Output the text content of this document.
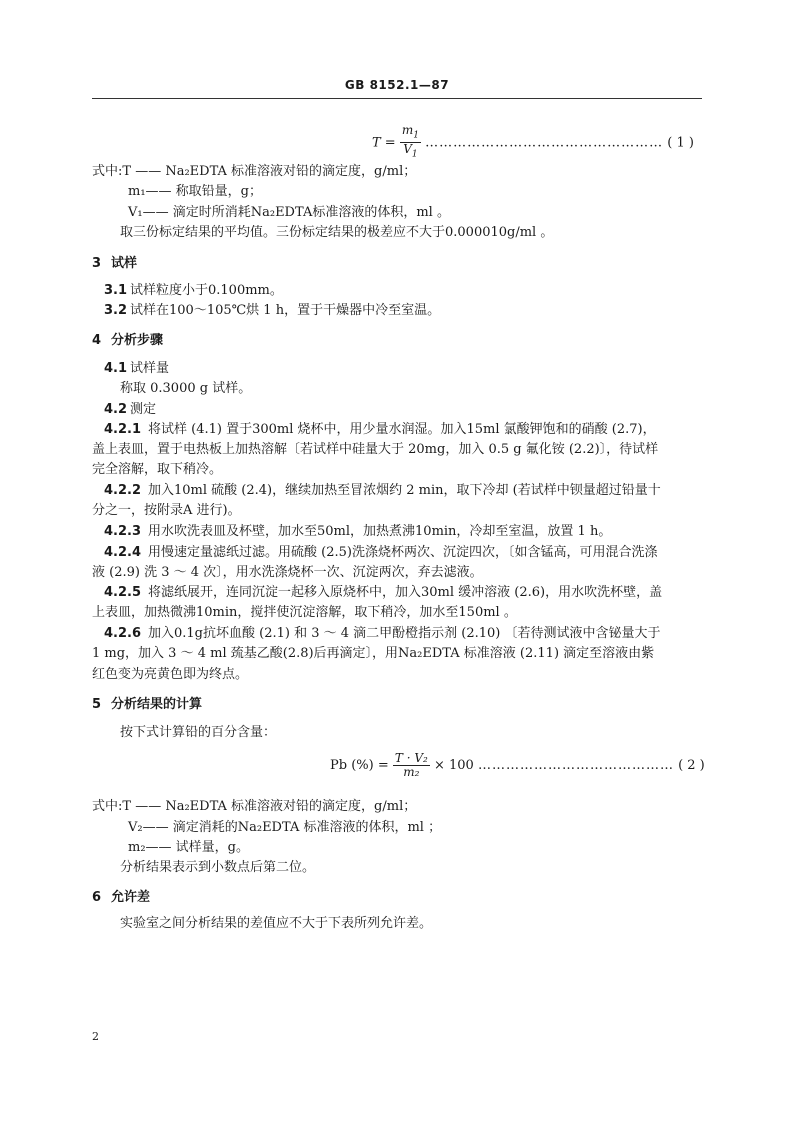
GB 8152.1—87
$T = \frac{m_1}{V_1}$ …………………………………………… ( 1 )
式中:T —— Na₂EDTA 标准溶液对铅的滴定度，g/ml；
m₁—— 称取铅量，g；
V₁—— 滴定时所消耗Na₂EDTA标准溶液的体积，ml 。
取三份标定结果的平均值。三份标定结果的极差应不大于0.000010g/ml 。
3 试样
3.1 试样粒度小于0.100mm。
3.2 试样在100～105℃烘 1 h，置于干燥器中冷至室温。
4 分析步骤
4.1 试样量
称取 0.3000 g 试样。
4.2 测定
4.2.1 将试样 (4.1) 置于300ml 烧杯中，用少量水润湿。加入15ml 氯酸钾饱和的硝酸 (2.7)，
盖上表皿，置于电热板上加热溶解〔若试样中硅量大于 20mg，加入 0.5 g 氟化铵 (2.2)〕，待试样
完全溶解，取下稍冷。
4.2.2 加入10ml 硫酸 (2.4)，继续加热至冒浓烟约 2 min，取下冷却 (若试样中钡量超过铅量十
分之一，按附录A 进行)。
4.2.3 用水吹洗表皿及杯壁，加水至50ml，加热煮沸10min，冷却至室温，放置 1 h。
4.2.4 用慢速定量滤纸过滤。用硫酸 (2.5)洗涤烧杯两次、沉淀四次，〔如含锰高，可用混合洗涤
液 (2.9) 洗 3 ～ 4 次〕，用水洗涤烧杯一次、沉淀两次，弃去滤液。
4.2.5 将滤纸展开，连同沉淀一起移入原烧杯中，加入30ml 缓冲溶液 (2.6)，用水吹洗杯壁，盖
上表皿，加热微沸10min，搅拌使沉淀溶解，取下稍冷，加水至150ml 。
4.2.6 加入0.1g抗坏血酸 (2.1) 和 3 ～ 4 滴二甲酚橙指示剂 (2.10) 〔若待测试液中含铋量大于
1 mg，加入 3 ～ 4 ml 巯基乙酸(2.8)后再滴定〕，用Na₂EDTA 标准溶液 (2.11) 滴定至溶液由紫
红色变为亮黄色即为终点。
5 分析结果的计算
按下式计算铅的百分含量：
Pb (%) = $\frac{\text{T · V₂}}{\text{m₂}} \times 100$ …………………………………… ( 2 )
式中:T —— Na₂EDTA 标准溶液对铅的滴定度，g/ml；
V₂—— 滴定消耗的Na₂EDTA 标准溶液的体积，ml ；
m₂—— 试样量，g。
分析结果表示到小数点后第二位。
6 允许差
实验室之间分析结果的差值应不大于下表所列允许差。
2
